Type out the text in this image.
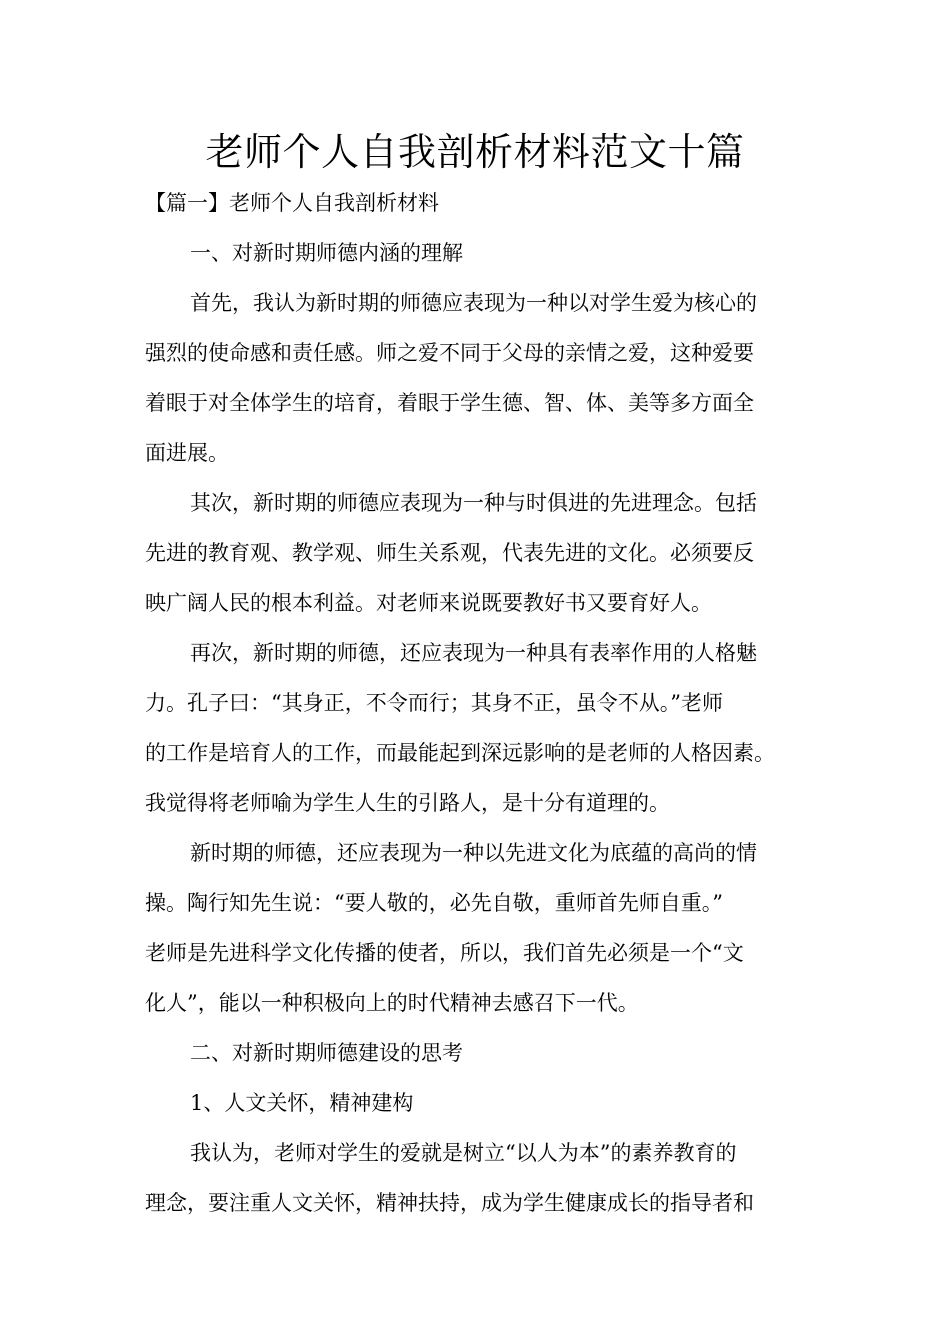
老师个人自我剖析材料范文十篇
【篇一】老师个人自我剖析材料
一、对新时期师德内涵的理解
首先，我认为新时期的师德应表现为一种以对学生爱为核心的
强烈的使命感和责任感。师之爱不同于父母的亲情之爱，这种爱要
着眼于对全体学生的培育，着眼于学生德、智、体、美等多方面全
面进展。
其次，新时期的师德应表现为一种与时俱进的先进理念。包括
先进的教育观、教学观、师生关系观，代表先进的文化。必须要反
映广阔人民的根本利益。对老师来说既要教好书又要育好人。
再次，新时期的师德，还应表现为一种具有表率作用的人格魅
力。孔子曰：“其身正，不令而行；其身不正，虽令不从。”老师
的工作是培育人的工作，而最能起到深远影响的是老师的人格因素。
我觉得将老师喻为学生人生的引路人，是十分有道理的。
新时期的师德，还应表现为一种以先进文化为底蕴的高尚的情
操。陶行知先生说：“要人敬的，必先自敬，重师首先师自重。”
老师是先进科学文化传播的使者，所以，我们首先必须是一个“文
化人”，能以一种积极向上的时代精神去感召下一代。
二、对新时期师德建设的思考
1、人文关怀，精神建构
我认为，老师对学生的爱就是树立“以人为本”的素养教育的
理念，要注重人文关怀，精神扶持，成为学生健康成长的指导者和
